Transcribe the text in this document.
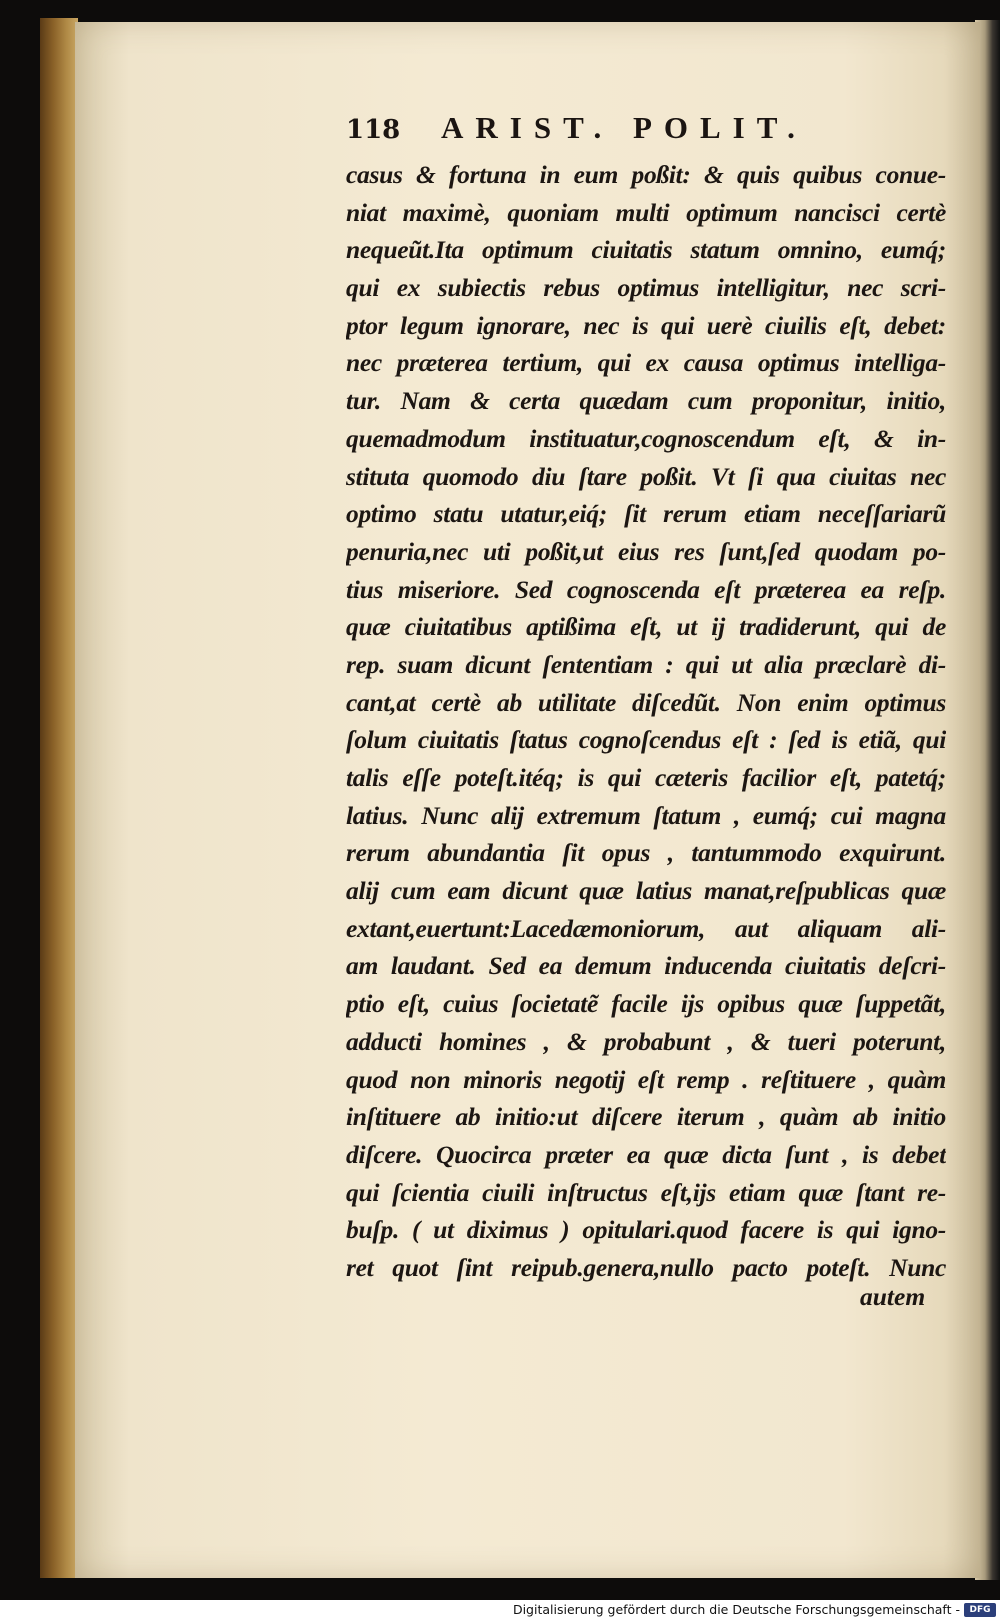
118	ARIST. POLIT.
casus & fortuna in eum poßit: & quis quibus conue-
niat maximè, quoniam multi optimum nancisci certè
nequeũt.Ita optimum ciuitatis statum omnino, eumq́;
qui ex subiectis rebus optimus intelligitur, nec scri-
ptor legum ignorare, nec is qui uerè ciuilis eſt, debet:
nec præterea tertium, qui ex causa optimus intelliga-
tur. Nam & certa quædam cum proponitur, initio,
quemadmodum instituatur,cognoscendum eſt, & in-
stituta quomodo diu ſtare poßit. Vt ſi qua ciuitas nec
optimo statu utatur,eiq́; ſit rerum etiam neceſſariarũ
penuria,nec uti poßit,ut eius res ſunt,ſed quodam po-
tius miseriore. Sed cognoscenda eſt præterea ea reſp.
quæ ciuitatibus aptißima eſt, ut ij tradiderunt, qui de
rep. suam dicunt ſententiam : qui ut alia præclarè di-
cant,at certè ab utilitate diſcedũt. Non enim optimus
ſolum ciuitatis ſtatus cognoſcendus eſt : ſed is etiã, qui
talis eſſe poteſt.itéq; is qui cæteris facilior eſt, patetq́;
latius. Nunc alij extremum ſtatum , eumq́; cui magna
rerum abundantia ſit opus , tantummodo exquirunt.
alij cum eam dicunt quæ latius manat,reſpublicas quæ
extant,euertunt:Lacedæmoniorum, aut aliquam ali-
am laudant. Sed ea demum inducenda ciuitatis deſcri-
ptio eſt, cuius ſocietatẽ facile ijs opibus quæ ſuppetãt,
adducti homines , & probabunt , & tueri poterunt,
quod non minoris negotij eſt remp . reſtituere , quàm
inſtituere ab initio:ut diſcere iterum , quàm ab initio
diſcere. Quocirca præter ea quæ dicta ſunt , is debet
qui ſcientia ciuili inſtructus eſt,ijs etiam quæ ſtant re-
buſp. ( ut diximus ) opitulari.quod facere is qui igno-
ret quot ſint reipub.genera,nullo pacto poteſt. Nunc
autem
Digitalisierung gefördert durch die Deutsche Forschungsgemeinschaft -	DFG
